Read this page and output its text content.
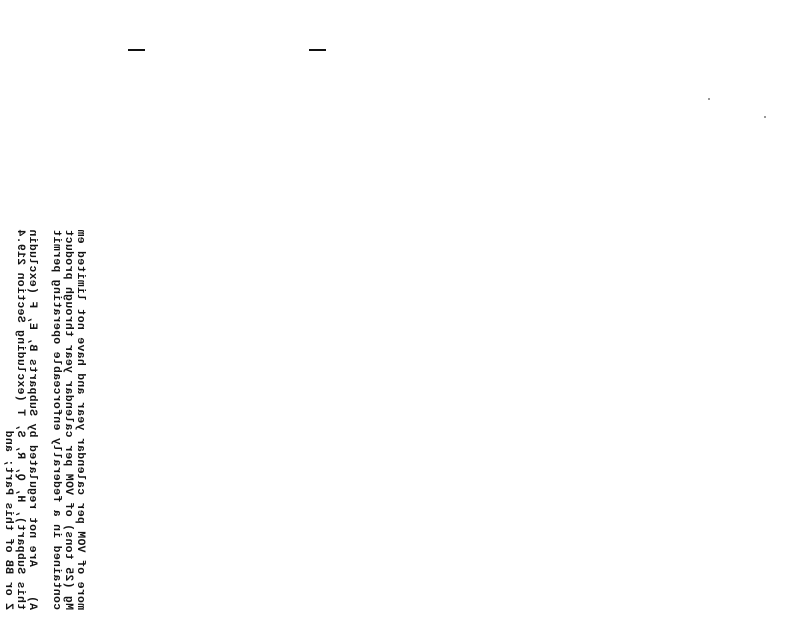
more of VOM per calendar year and have not limited em
Mg (25 tons) of VOM per calendar year through product
contained in a federally enforceable operating permit
A)    Are not regulated by Subparts B, E, F (excludin
this Subpart), H, Q, R, S, T (excluding Section 219.4
Z or BB of this Part; and
